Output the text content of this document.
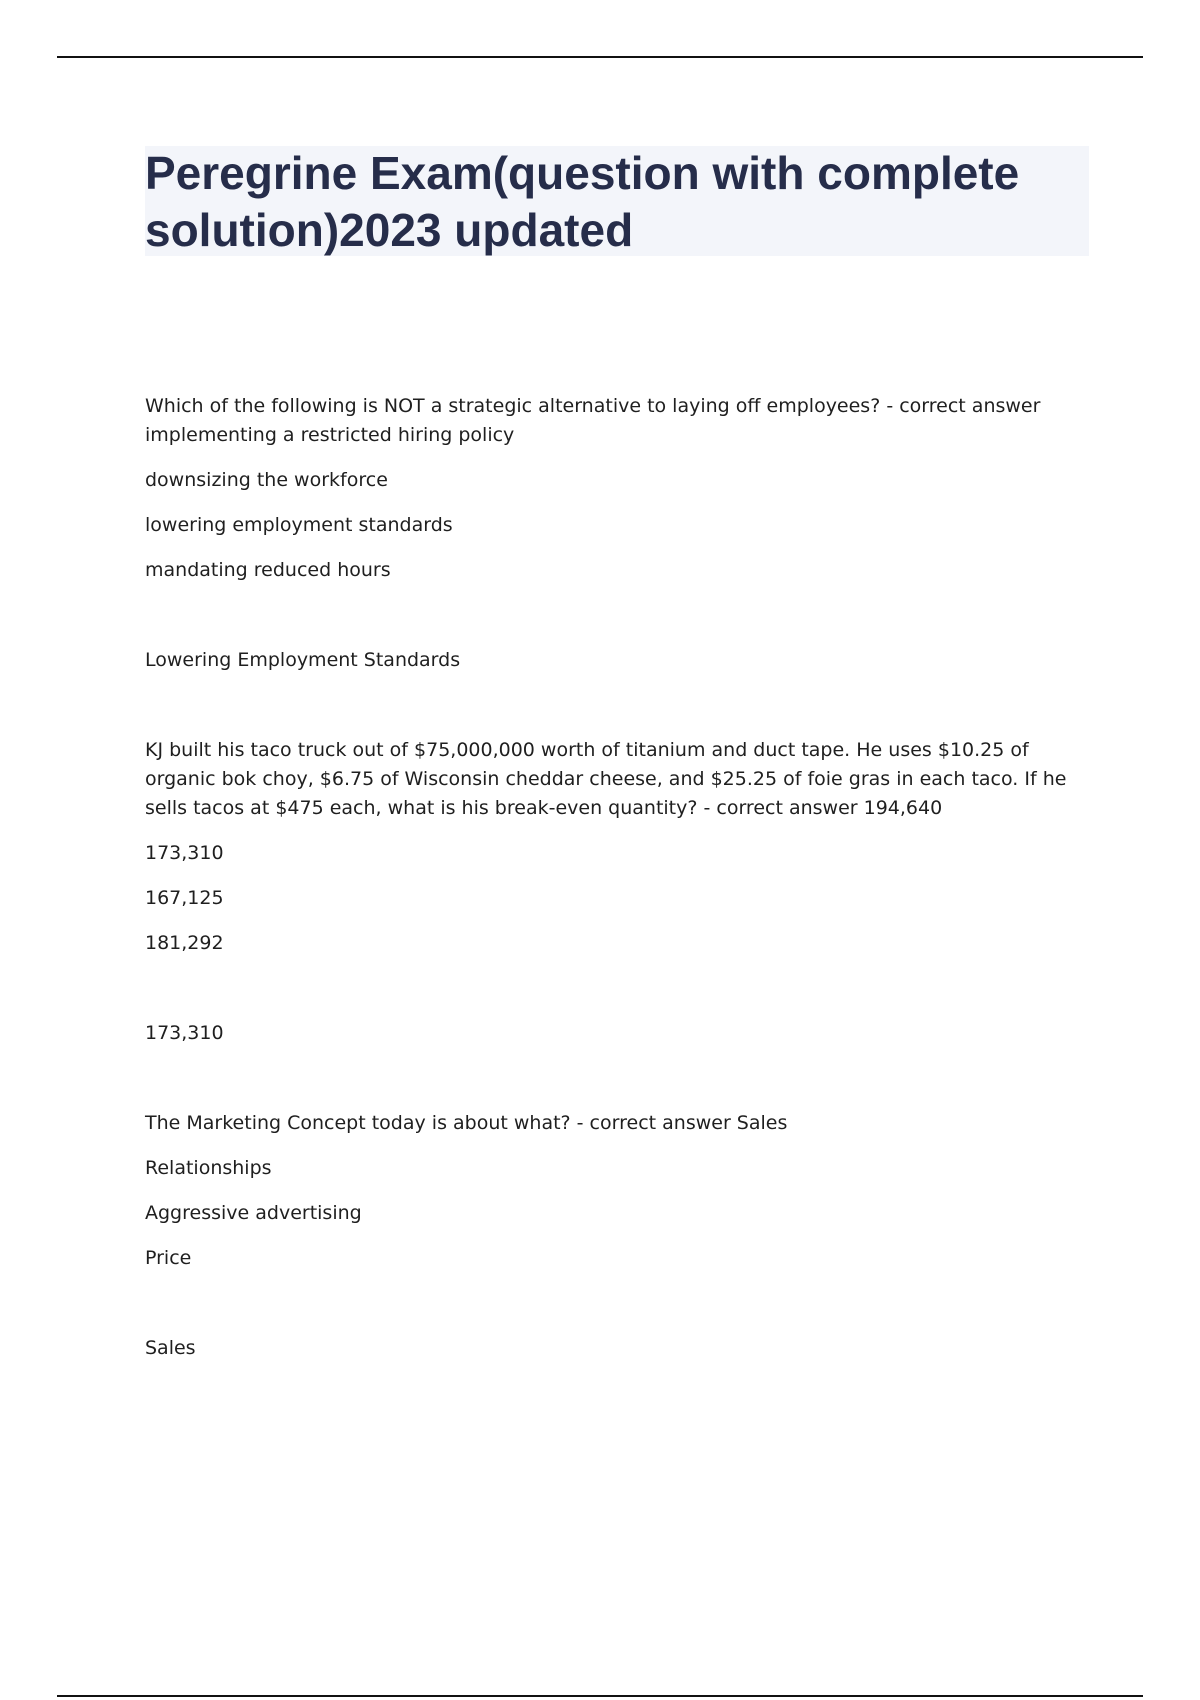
Peregrine Exam(question with complete solution)2023 updated

Which of the following is NOT a strategic alternative to laying off employees? - correct answer implementing a restricted hiring policy

downsizing the workforce

lowering employment standards

mandating reduced hours

Lowering Employment Standards

KJ built his taco truck out of $75,000,000 worth of titanium and duct tape. He uses $10.25 of organic bok choy, $6.75 of Wisconsin cheddar cheese, and $25.25 of foie gras in each taco. If he sells tacos at $475 each, what is his break-even quantity? - correct answer 194,640

173,310

167,125

181,292

173,310

The Marketing Concept today is about what? - correct answer Sales

Relationships

Aggressive advertising

Price

Sales
